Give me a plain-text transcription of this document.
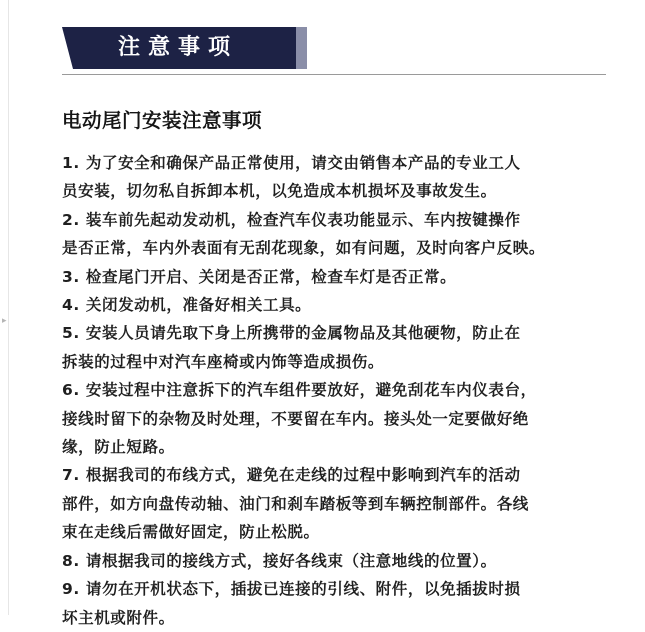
▸
注意事项
电动尾门安装注意事项
1. 为了安全和确保产品正常使用，请交由销售本产品的专业工人
员安装，切勿私自拆卸本机，以免造成本机损坏及事故发生。
2. 装车前先起动发动机，检查汽车仪表功能显示、车内按键操作
是否正常，车内外表面有无刮花现象，如有问题，及时向客户反映。
3. 检查尾门开启、关闭是否正常，检查车灯是否正常。
4. 关闭发动机，准备好相关工具。
5. 安装人员请先取下身上所携带的金属物品及其他硬物，防止在
拆装的过程中对汽车座椅或内饰等造成损伤。
6. 安装过程中注意拆下的汽车组件要放好，避免刮花车内仪表台，
接线时留下的杂物及时处理，不要留在车内。接头处一定要做好绝
缘，防止短路。
7. 根据我司的布线方式，避免在走线的过程中影响到汽车的活动
部件，如方向盘传动轴、油门和刹车踏板等到车辆控制部件。各线
束在走线后需做好固定，防止松脱。
8. 请根据我司的接线方式，接好各线束（注意地线的位置）。
9. 请勿在开机状态下，插拔已连接的引线、附件，以免插拔时损
坏主机或附件。
